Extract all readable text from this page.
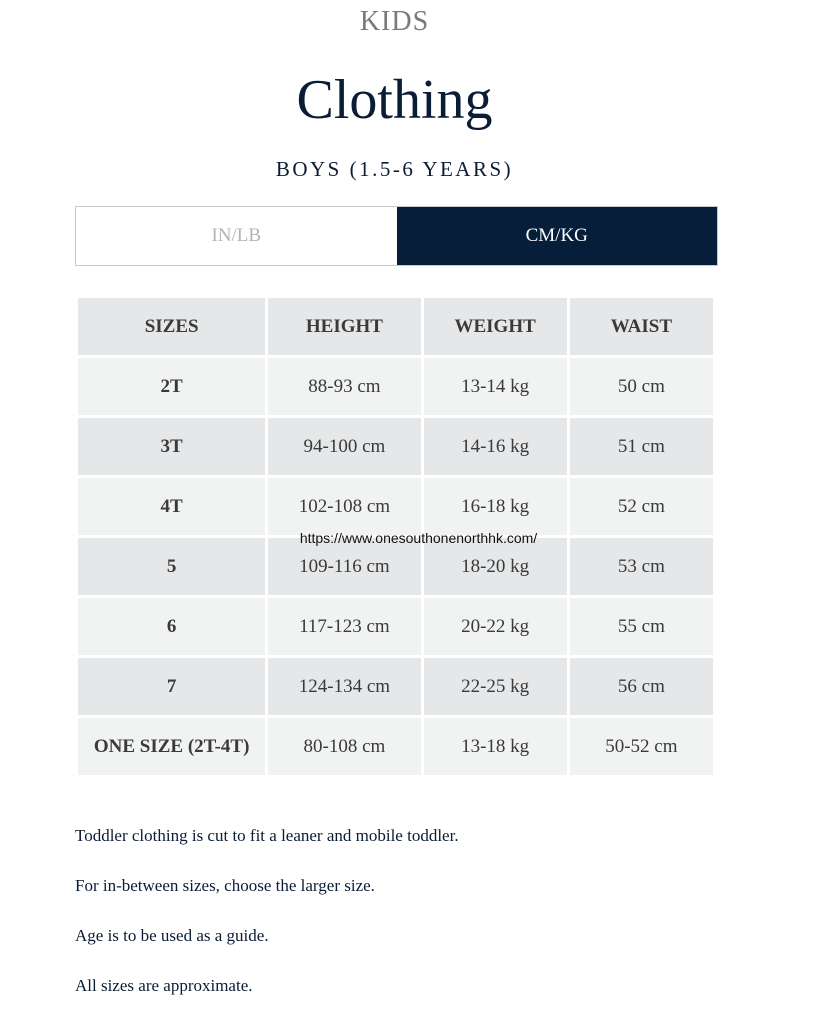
KIDS
Clothing
BOYS (1.5-6 YEARS)
IN/LB	CM/KG
SIZES	HEIGHT	WEIGHT	WAIST
2T	88-93 cm	13-14 kg	50 cm
3T	94-100 cm	14-16 kg	51 cm
4T	102-108 cm	16-18 kg	52 cm
5	109-116 cm	18-20 kg	53 cm
6	117-123 cm	20-22 kg	55 cm
7	124-134 cm	22-25 kg	56 cm
ONE SIZE (2T-4T)	80-108 cm	13-18 kg	50-52 cm
https://www.onesouthonenorthhk.com/

Toddler clothing is cut to fit a leaner and mobile toddler.

For in-between sizes, choose the larger size.

Age is to be used as a guide.

All sizes are approximate.
